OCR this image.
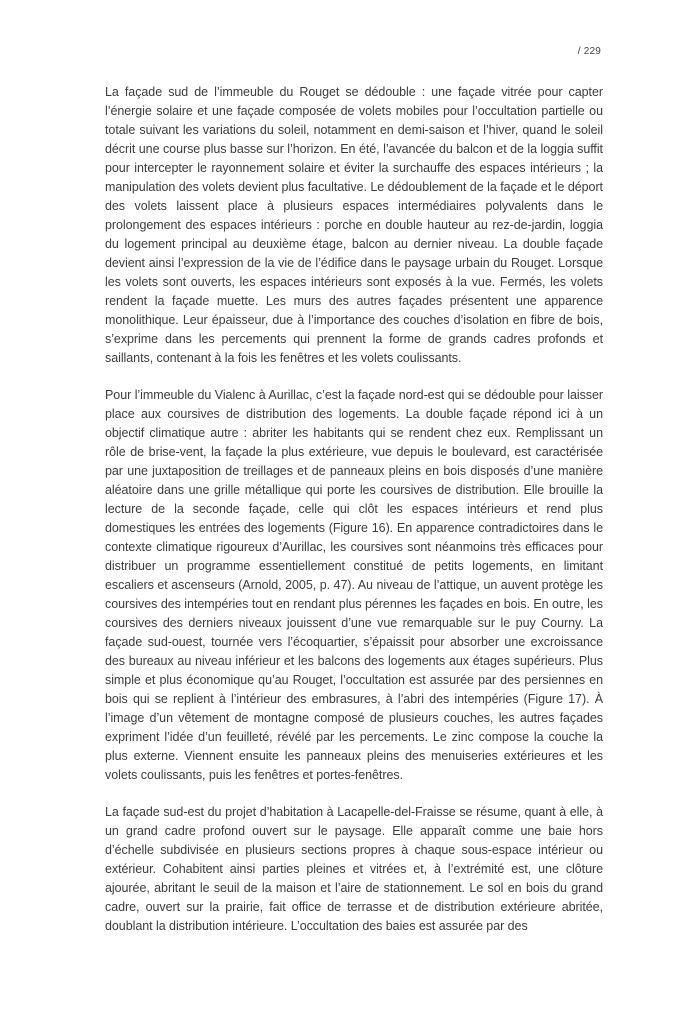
/ 229

La façade sud de l’immeuble du Rouget se dédouble : une façade vitrée pour capter l’énergie solaire et une façade composée de volets mobiles pour l’occultation partielle ou totale suivant les variations du soleil, notamment en demi-saison et l’hiver, quand le soleil décrit une course plus basse sur l’horizon. En été, l’avancée du balcon et de la loggia suffit pour intercepter le rayonnement solaire et éviter la surchauffe des espaces intérieurs ; la manipulation des volets devient plus facultative. Le dédoublement de la façade et le déport des volets laissent place à plusieurs espaces intermédiaires polyvalents dans le prolongement des espaces intérieurs : porche en double hauteur au rez-de-jardin, loggia du logement principal au deuxième étage, balcon au dernier niveau. La double façade devient ainsi l’expression de la vie de l’édifice dans le paysage urbain du Rouget. Lorsque les volets sont ouverts, les espaces intérieurs sont exposés à la vue. Fermés, les volets rendent la façade muette. Les murs des autres façades présentent une apparence monolithique. Leur épaisseur, due à l’importance des couches d’isolation en fibre de bois, s’exprime dans les percements qui prennent la forme de grands cadres profonds et saillants, contenant à la fois les fenêtres et les volets coulissants.

Pour l’immeuble du Vialenc à Aurillac, c’est la façade nord-est qui se dédouble pour laisser place aux coursives de distribution des logements. La double façade répond ici à un objectif climatique autre : abriter les habitants qui se rendent chez eux. Remplissant un rôle de brise-vent, la façade la plus extérieure, vue depuis le boulevard, est caractérisée par une juxtaposition de treillages et de panneaux pleins en bois disposés d’une manière aléatoire dans une grille métallique qui porte les coursives de distribution. Elle brouille la lecture de la seconde façade, celle qui clôt les espaces intérieurs et rend plus domestiques les entrées des logements (Figure 16). En apparence contradictoires dans le contexte climatique rigoureux d’Aurillac, les coursives sont néanmoins très efficaces pour distribuer un programme essentiellement constitué de petits logements, en limitant escaliers et ascenseurs (Arnold, 2005, p. 47). Au niveau de l’attique, un auvent protège les coursives des intempéries tout en rendant plus pérennes les façades en bois. En outre, les coursives des derniers niveaux jouissent d’une vue remarquable sur le puy Courny. La façade sud-ouest, tournée vers l’écoquartier, s’épaissit pour absorber une excroissance des bureaux au niveau inférieur et les balcons des logements aux étages supérieurs. Plus simple et plus économique qu’au Rouget, l’occultation est assurée par des persiennes en bois qui se replient à l’intérieur des embrasures, à l’abri des intempéries (Figure 17). À l’image d’un vêtement de montagne composé de plusieurs couches, les autres façades expriment l’idée d’un feuilleté, révélé par les percements. Le zinc compose la couche la plus externe. Viennent ensuite les panneaux pleins des menuiseries extérieures et les volets coulissants, puis les fenêtres et portes-fenêtres.

La façade sud-est du projet d’habitation à Lacapelle-del-Fraisse se résume, quant à elle, à un grand cadre profond ouvert sur le paysage. Elle apparaît comme une baie hors d’échelle subdivisée en plusieurs sections propres à chaque sous-espace intérieur ou extérieur. Cohabitent ainsi parties pleines et vitrées et, à l’extrémité est, une clôture ajourée, abritant le seuil de la maison et l’aire de stationnement. Le sol en bois du grand cadre, ouvert sur la prairie, fait office de terrasse et de distribution extérieure abritée, doublant la distribution intérieure. L’occultation des baies est assurée par des
